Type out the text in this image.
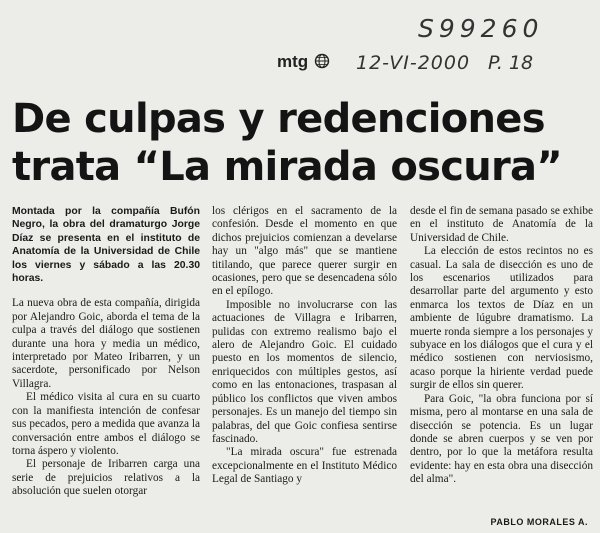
S99260
mtg	12-VI-2000 P. 18
De culpas y redenciones trata “La mirada oscura”

Montada por la compañía Bufón Negro, la obra del dramaturgo Jorge Díaz se presenta en el instituto de Anatomía de la Universidad de Chile los viernes y sábado a las 20.30 horas.

La nueva obra de esta compañía, dirigida por Alejandro Goic, aborda el tema de la culpa a través del diálogo que sostienen durante una hora y media un médico, interpretado por Mateo Iribarren, y un sacerdote, personificado por Nelson Villagra.

El médico visita al cura en su cuarto con la manifiesta intención de confesar sus pecados, pero a medida que avanza la conversación entre ambos el diálogo se torna áspero y violento.

El personaje de Iribarren carga una serie de prejuicios relativos a la absolución que suelen otorgar

los clérigos en el sacramento de la confesión. Desde el momento en que dichos prejuicios comienzan a develarse hay un "algo más" que se mantiene titilando, que parece querer surgir en ocasiones, pero que se desencadena sólo en el epílogo.

Imposible no involucrarse con las actuaciones de Villagra e Iribarren, pulidas con extremo realismo bajo el alero de Alejandro Goic. El cuidado puesto en los momentos de silencio, enriquecidos con múltiples gestos, así como en las entonaciones, traspasan al público los conflictos que viven ambos personajes. Es un manejo del tiempo sin palabras, del que Goic confiesa sentirse fascinado.

"La mirada oscura" fue estrenada excepcionalmente en el Instituto Médico Legal de Santiago y

desde el fin de semana pasado se exhibe en el instituto de Anatomía de la Universidad de Chile.

La elección de estos recintos no es casual. La sala de disección es uno de los escenarios utilizados para desarrollar parte del argumento y esto enmarca los textos de Díaz en un ambiente de lúgubre dramatismo. La muerte ronda siempre a los personajes y subyace en los diálogos que el cura y el médico sostienen con nerviosismo, acaso porque la hiriente verdad puede surgir de ellos sin querer.

Para Goic, "la obra funciona por sí misma, pero al montarse en una sala de disección se potencia. Es un lugar donde se abren cuerpos y se ven por dentro, por lo que la metáfora resulta evidente: hay en esta obra una disección del alma".

PABLO MORALES A.
